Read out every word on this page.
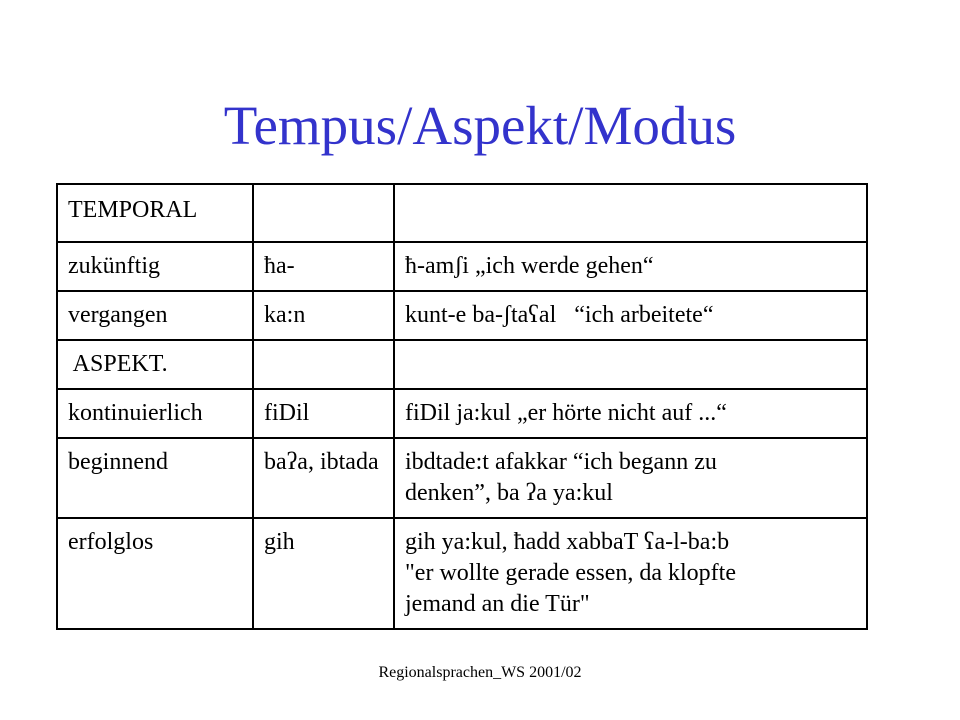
Tempus/Aspekt/Modus
TEMPORAL		
zukünftig	ħa-	ħ-amʃi „ich werde gehen“

vergangen	ka:n	kunt-e ba-ʃtaʕal   “ich arbeitete“

ASPEKT.		
kontinuierlich	fiDil	fiDil ja:kul „er hörte nicht auf ...“

beginnend	baʔa, ibtada	ibdtade:t afakkar “ich begann zu
denken”, ba ʔa ya:kul

erfolglos	gih	gih ya:kul, ħadd xabbaT ʕa-l-ba:b
"er wollte gerade essen, da klopfte
jemand an die Tür"
Regionalsprachen_WS 2001/02
